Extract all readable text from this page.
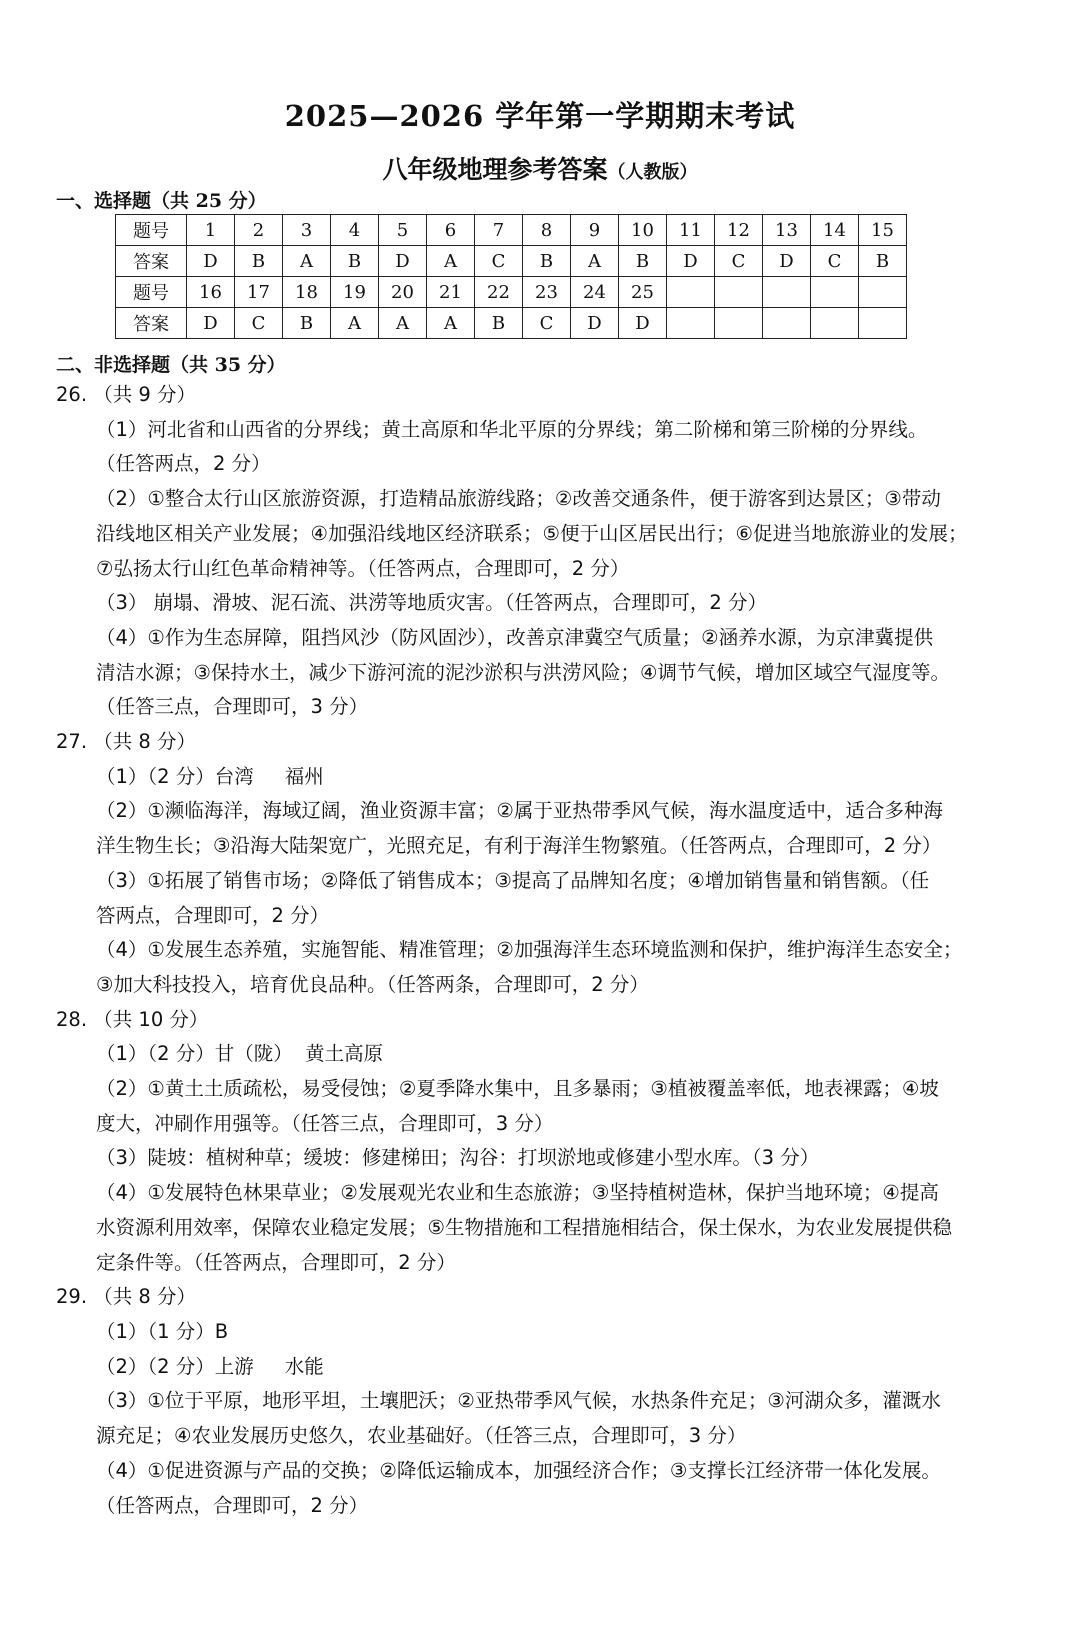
2025—2026 学年第一学期期末考试
八年级地理参考答案（人教版）
一、选择题（共 25 分）
题号	1	2	3	4	5	6	7	8	9	10	11	12	13	14	15
答案	D	B	A	B	D	A	C	B	A	B	D	C	D	C	B
题号	16	17	18	19	20	21	22	23	24	25					
答案	D	C	B	A	A	A	B	C	D	D					
二、非选择题（共 35 分）
26. （共 9 分）
（1）河北省和山西省的分界线；黄土高原和华北平原的分界线；第二阶梯和第三阶梯的分界线。
（任答两点，2 分）
（2）①整合太行山区旅游资源，打造精品旅游线路；②改善交通条件，便于游客到达景区；③带动
沿线地区相关产业发展；④加强沿线地区经济联系；⑤便于山区居民出行；⑥促进当地旅游业的发展；
⑦弘扬太行山红色革命精神等。（任答两点，合理即可，2 分）
（3） 崩塌、滑坡、泥石流、洪涝等地质灾害。（任答两点，合理即可，2 分）
（4）①作为生态屏障，阻挡风沙（防风固沙），改善京津冀空气质量；②涵养水源，为京津冀提供
清洁水源；③保持水土，减少下游河流的泥沙淤积与洪涝风险；④调节气候，增加区域空气湿度等。
（任答三点，合理即可，3 分）
27. （共 8 分）
（1）（2 分）台湾     福州
（2）①濒临海洋，海域辽阔，渔业资源丰富；②属于亚热带季风气候，海水温度适中，适合多种海
洋生物生长；③沿海大陆架宽广，光照充足，有利于海洋生物繁殖。（任答两点，合理即可，2 分）
（3）①拓展了销售市场；②降低了销售成本；③提高了品牌知名度；④增加销售量和销售额。（任
答两点，合理即可，2 分）
（4）①发展生态养殖，实施智能、精准管理；②加强海洋生态环境监测和保护，维护海洋生态安全；
③加大科技投入，培育优良品种。（任答两条，合理即可，2 分）
28. （共 10 分）
（1）（2 分）甘（陇）  黄土高原
（2）①黄土土质疏松，易受侵蚀；②夏季降水集中，且多暴雨；③植被覆盖率低，地表裸露；④坡
度大，冲刷作用强等。（任答三点，合理即可，3 分）
（3）陡坡：植树种草；缓坡：修建梯田；沟谷：打坝淤地或修建小型水库。（3 分）
（4）①发展特色林果草业；②发展观光农业和生态旅游；③坚持植树造林，保护当地环境；④提高
水资源利用效率，保障农业稳定发展；⑤生物措施和工程措施相结合，保土保水，为农业发展提供稳
定条件等。（任答两点，合理即可，2 分）
29. （共 8 分）
（1）（1 分）B
（2）（2 分）上游     水能
（3）①位于平原，地形平坦，土壤肥沃；②亚热带季风气候，水热条件充足；③河湖众多，灌溉水
源充足；④农业发展历史悠久，农业基础好。（任答三点，合理即可，3 分）
（4）①促进资源与产品的交换；②降低运输成本，加强经济合作；③支撑长江经济带一体化发展。
（任答两点，合理即可，2 分）
